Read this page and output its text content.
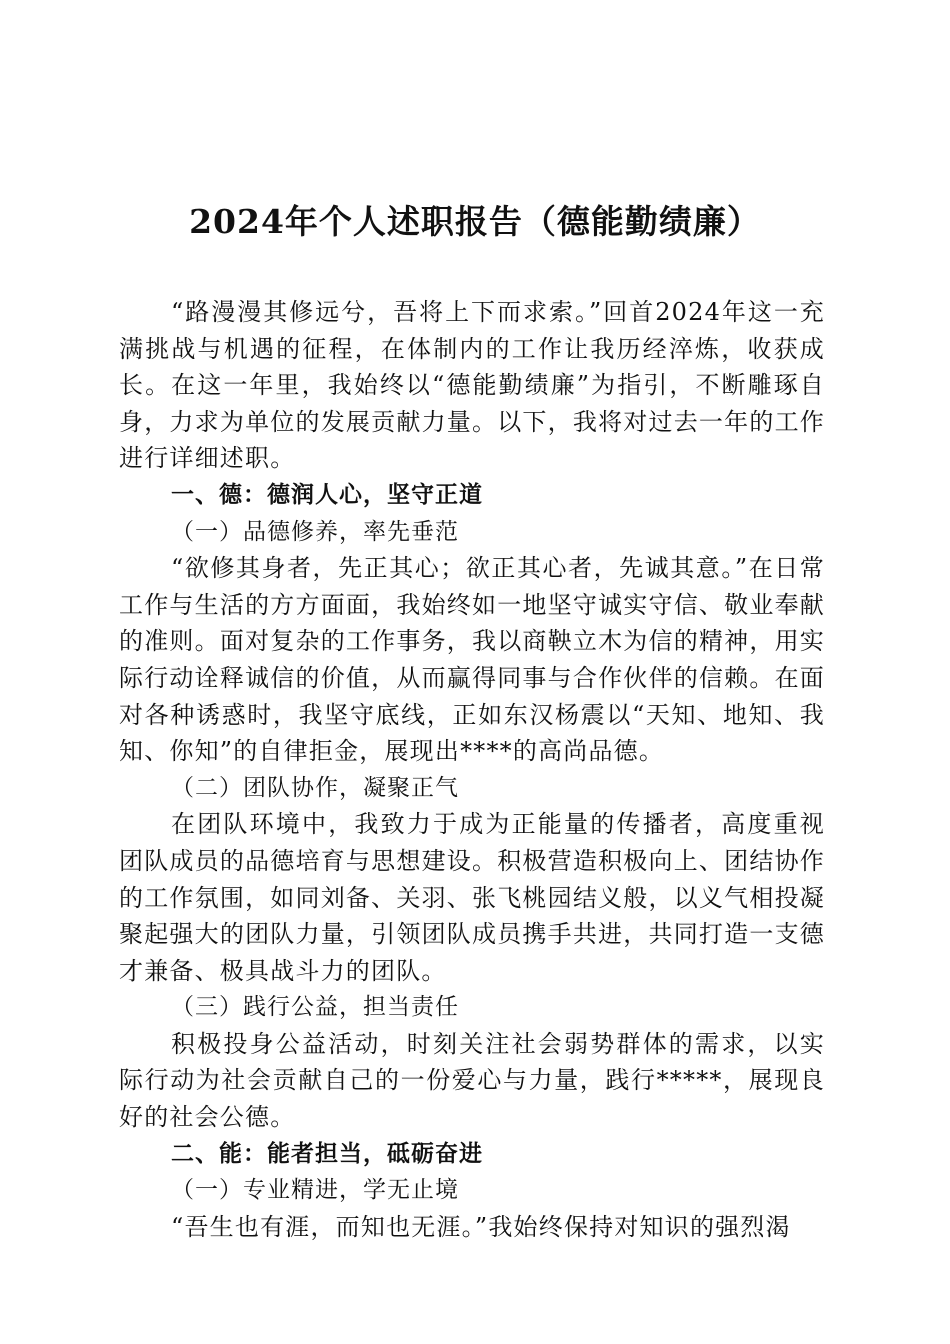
2024年个人述职报告（德能勤绩廉）

“路漫漫其修远兮，吾将上下而求索。”回首2024年这一充满挑战与机遇的征程，在体制内的工作让我历经淬炼，收获成长。在这一年里，我始终以“德能勤绩廉”为指引，不断雕琢自身，力求为单位的发展贡献力量。以下，我将对过去一年的工作进行详细述职。

一、德：德润人心，坚守正道
（一）品德修养，率先垂范

“欲修其身者，先正其心；欲正其心者，先诚其意。”在日常工作与生活的方方面面，我始终如一地坚守诚实守信、敬业奉献的准则。面对复杂的工作事务，我以商鞅立木为信的精神，用实际行动诠释诚信的价值，从而赢得同事与合作伙伴的信赖。在面对各种诱惑时，我坚守底线，正如东汉杨震以“天知、地知、我知、你知”的自律拒金，展现出****的高尚品德。

（二）团队协作，凝聚正气

在团队环境中，我致力于成为正能量的传播者，高度重视团队成员的品德培育与思想建设。积极营造积极向上、团结协作的工作氛围，如同刘备、关羽、张飞桃园结义般，以义气相投凝聚起强大的团队力量，引领团队成员携手共进，共同打造一支德才兼备、极具战斗力的团队。

（三）践行公益，担当责任

积极投身公益活动，时刻关注社会弱势群体的需求，以实际行动为社会贡献自己的一份爱心与力量，践行*****，展现良好的社会公德。

二、能：能者担当，砥砺奋进
（一）专业精进，学无止境

“吾生也有涯，而知也无涯。”我始终保持对知识的强烈渴
